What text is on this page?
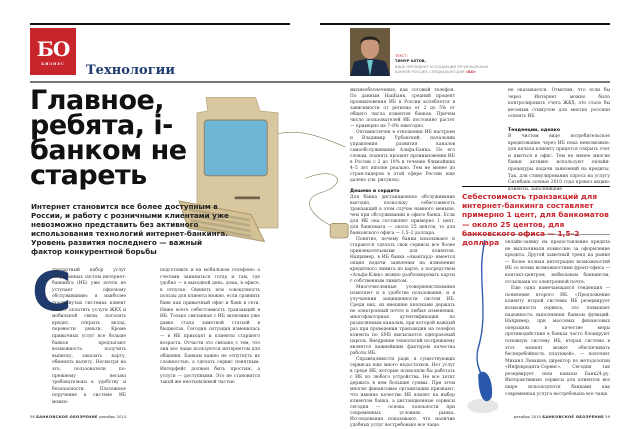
БО
БИЗНЕС	Технологии
Главное, ребята, i-банком не стареть
Интернет становится все более доступным в России, и работу с розничными клиентами уже невозможно представить без активного использования технологий интернет-банкинга. Уровень развития последнего — важный фактор конкурентной борьбы
С
тандартный набор услуг современных систем интернет-банкинга (ИБ) уже почти не уступает офисному обслуживанию: в наиболее продвинутых системах клиент может оплатить услуги ЖКХ и мобильной связи, погасить кредит, открыть вклад, перевести деньги. Кроме привычных услуг все больше банков предлагают возможность получить выписку, заказать карту, обменять валюту. Несмотря на это, пользователи по-прежнему весьма требовательны к удобству и безопасности. Платежное поручение в системе ИБ можно
подготовить и на мобильном телефоне: а счетами заниматься тогда и там, где удобно — в выходной день, дома, в офисе, в отпуске. Оценить всю совокупность пользы для клиента можно, если сравнить банк как привычный офис и банк в сети. Ниже всего себестоимость транзакций в ИБ. Только связанная с ИБ экономия уже давно стала заметной статьей в бюджетах. Сегодня ситуация изменилась — в ИБ приходят и клиенты старшего возраста. Отчасти это связано с тем, что они все чаще пользуются интернетом для общения. Банкам важно не отпугнуть их сложностью, а сделать сервис понятным. Интерфейс должен быть простым, а услуги — доступными. Это не становится такой же неотъемлемой частью
ТЕКСТ:
ТИМУР АХТОВ,
ВИЦЕ-ПРЕЗИДЕНТ АССОЦИАЦИИ РЕГИОНАЛЬНЫХ БАНКОВ РОССИИ, СПЕЦИАЛЬНО ДЛЯ «БО»

жизнеобеспечения, как сотовый телефон. По данным НацБанк, средний процент проникновения ИБ в России колеблется в зависимости от региона от 2 до 5% от общего числа клиентов банков. Причем число пользователей ИБ постоянно растет — примерно на 7–8% ежегодно.

Оптимистичен в отношении ИБ настроен и Владимир Урбанский, начальник управления развития каналов самообслуживания Альфа-Банка. По его словам, поднять процент проникновения ИБ в России с 2 до 10% в течение ближайших 4–5 лет вполне реально. Тем не менее до стран-лидеров в этой сфере России еще далеко (см. рисунок).

Дешево и сердито

Для банка дистанционное обслуживание выгодно, поскольку себестоимость транзакций в этом случае намного меньше, чем при обслуживании в офисе банка. Если для ИБ она составляет примерно 1 цент, для банкомата — около 25 центов, то для банковского офиса — 1,5–2 доллара.

Понятно, почему банки изыскивают и стараются сделать свои сервисы все более привлекательными для клиентов. Например, в ИБ банка «Авангард» имеется опция подачи заявления на изменение кредитного лимита по карте, а посредством «Альфа-Клик» можно разблокировать карты с собственным лимитом.

Многочисленные усовершенствования помогают и в удобстве пользования, и в улучшении защищенности систем ИБ. Среди них, их внешние кнопками держать не электронный почте и любые изменения, многофакторная аутентификация по разделяемым каналам, при которой каждый раз при проведении транзакции на телефон клиента по SMS высылается одноразовый пароль. Внедрение технологий по-прежнему является важнейшим фактором качества работы ИБ.

Справедливости ради, в существующих сервисах еще много недостатков. Нет услуг в среде ИБ, которые позволили бы работать с ИБ из любого устройства. Не все хотят держать в нем большие суммы. При этом многие финансовые организации признают, что именно качество ИБ влияет на выбор клиентом банка, а дистанционные сервисы сегодня — основа лояльности при современных условиях рынка. Исследования показывают, что наличие удобных услуг востребовано все чаще.

не оказывается. Отметим, что если бы через Интернет можно было контролировать счета ЖКХ, это стало бы весомым стимулом для многих россиян освоить ИБ.

Тенденции, однако

В чистом виде потребительское кредитование через ИБ пока невозможно: для начала клиенту придется открыть счет и явиться в офис. Тем не менее многие банки активно используют онлайн-процедуры подачи заявлений на кредиты. Так, для стимулирования спроса на услугу Ситибанк осенью 2010 года провел акцию: клиенты, заполнившие

Себестоимость транзакций для интернет-банкинга составляет примерно 1 цент, для банкоматов — около 25 центов, для банковского офиса — 1,5–2 доллара	онлайн-заявку на предоставление кредита не выплачивали комиссию за оформление кредита. Другой заметный тренд на рынке — более полная интеграция возможностей ИБ со всеми возможностями фронт-офиса — контакт-центром, мобильным банкингом, отсылками по электронной почте.

Еще одна намечающаяся тенденция — появление второго ИБ. «Предложение клиенту второй системы ИБ резервирует возможности сервиса, это повышает надежность выполнения банком функций. Например, при массовых финансовых операциях в качестве меры противодействия в банках часто блокируют основную систему ИБ, вторая система в этот момент может обеспечивать бесперебойность платежей», — поясняет Михаил Левашов, директор по методологии «Инфокредита-Сервис». Сегодня так резервирует свои каналы Банк24.ру. Интерактивные сервисы для клиентов все шире используются банками как современная услуга востребована все чаще.

58 БАНКОВСКОЕ ОБОЗРЕНИЕ декабрь 2010	декабрь 2010 БАНКОВСКОЕ ОБОЗРЕНИЕ 59
